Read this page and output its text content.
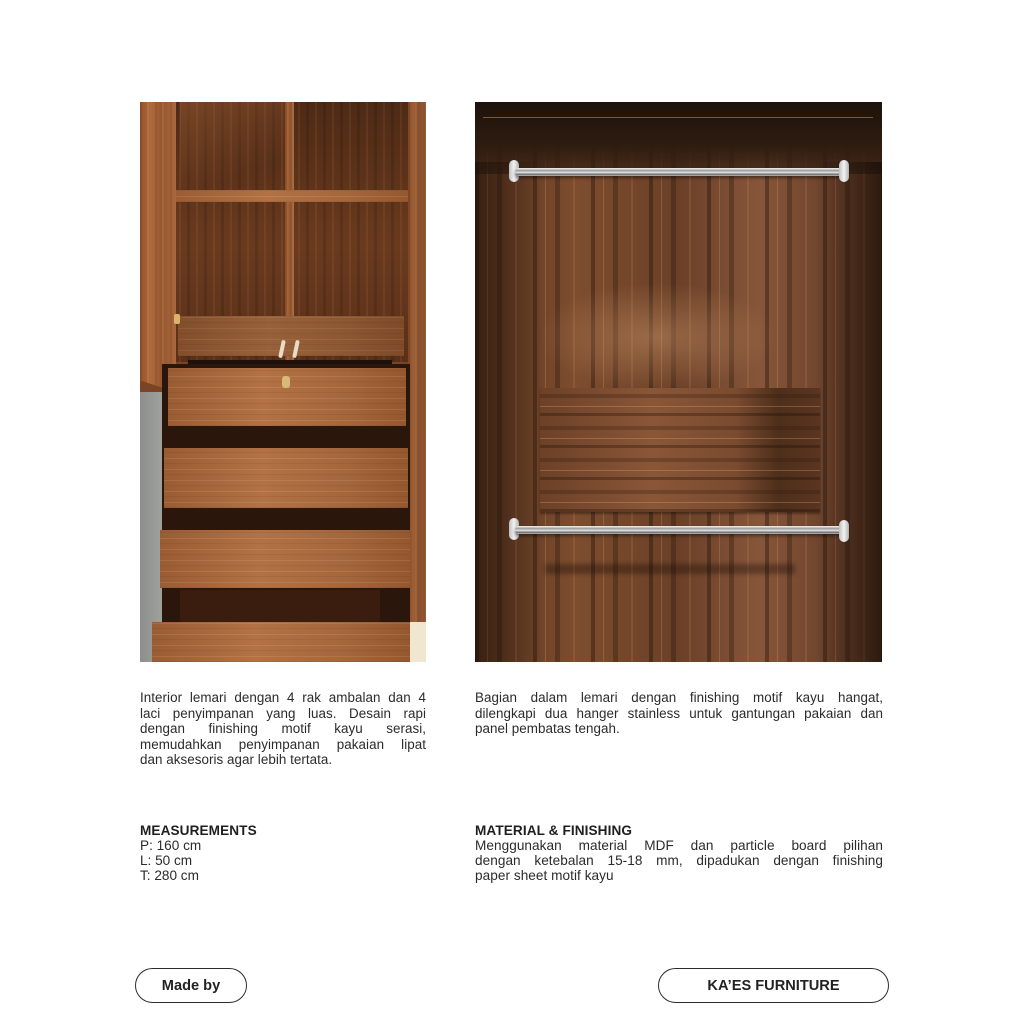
Interior lemari dengan 4 rak ambalan dan 4
laci penyimpanan yang luas. Desain rapi
dengan finishing motif kayu serasi,
memudahkan penyimpanan pakaian lipat
dan aksesoris agar lebih tertata.
Bagian dalam lemari dengan finishing motif kayu hangat,
dilengkapi dua hanger stainless untuk gantungan pakaian dan
panel pembatas tengah.
MEASUREMENTS
P: 160 cm
L: 50 cm
T: 280 cm
MATERIAL & FINISHING
Menggunakan material MDF dan particle board pilihan
dengan ketebalan 15-18 mm, dipadukan dengan finishing
paper sheet motif kayu
Made by	KA’ES FURNITURE
